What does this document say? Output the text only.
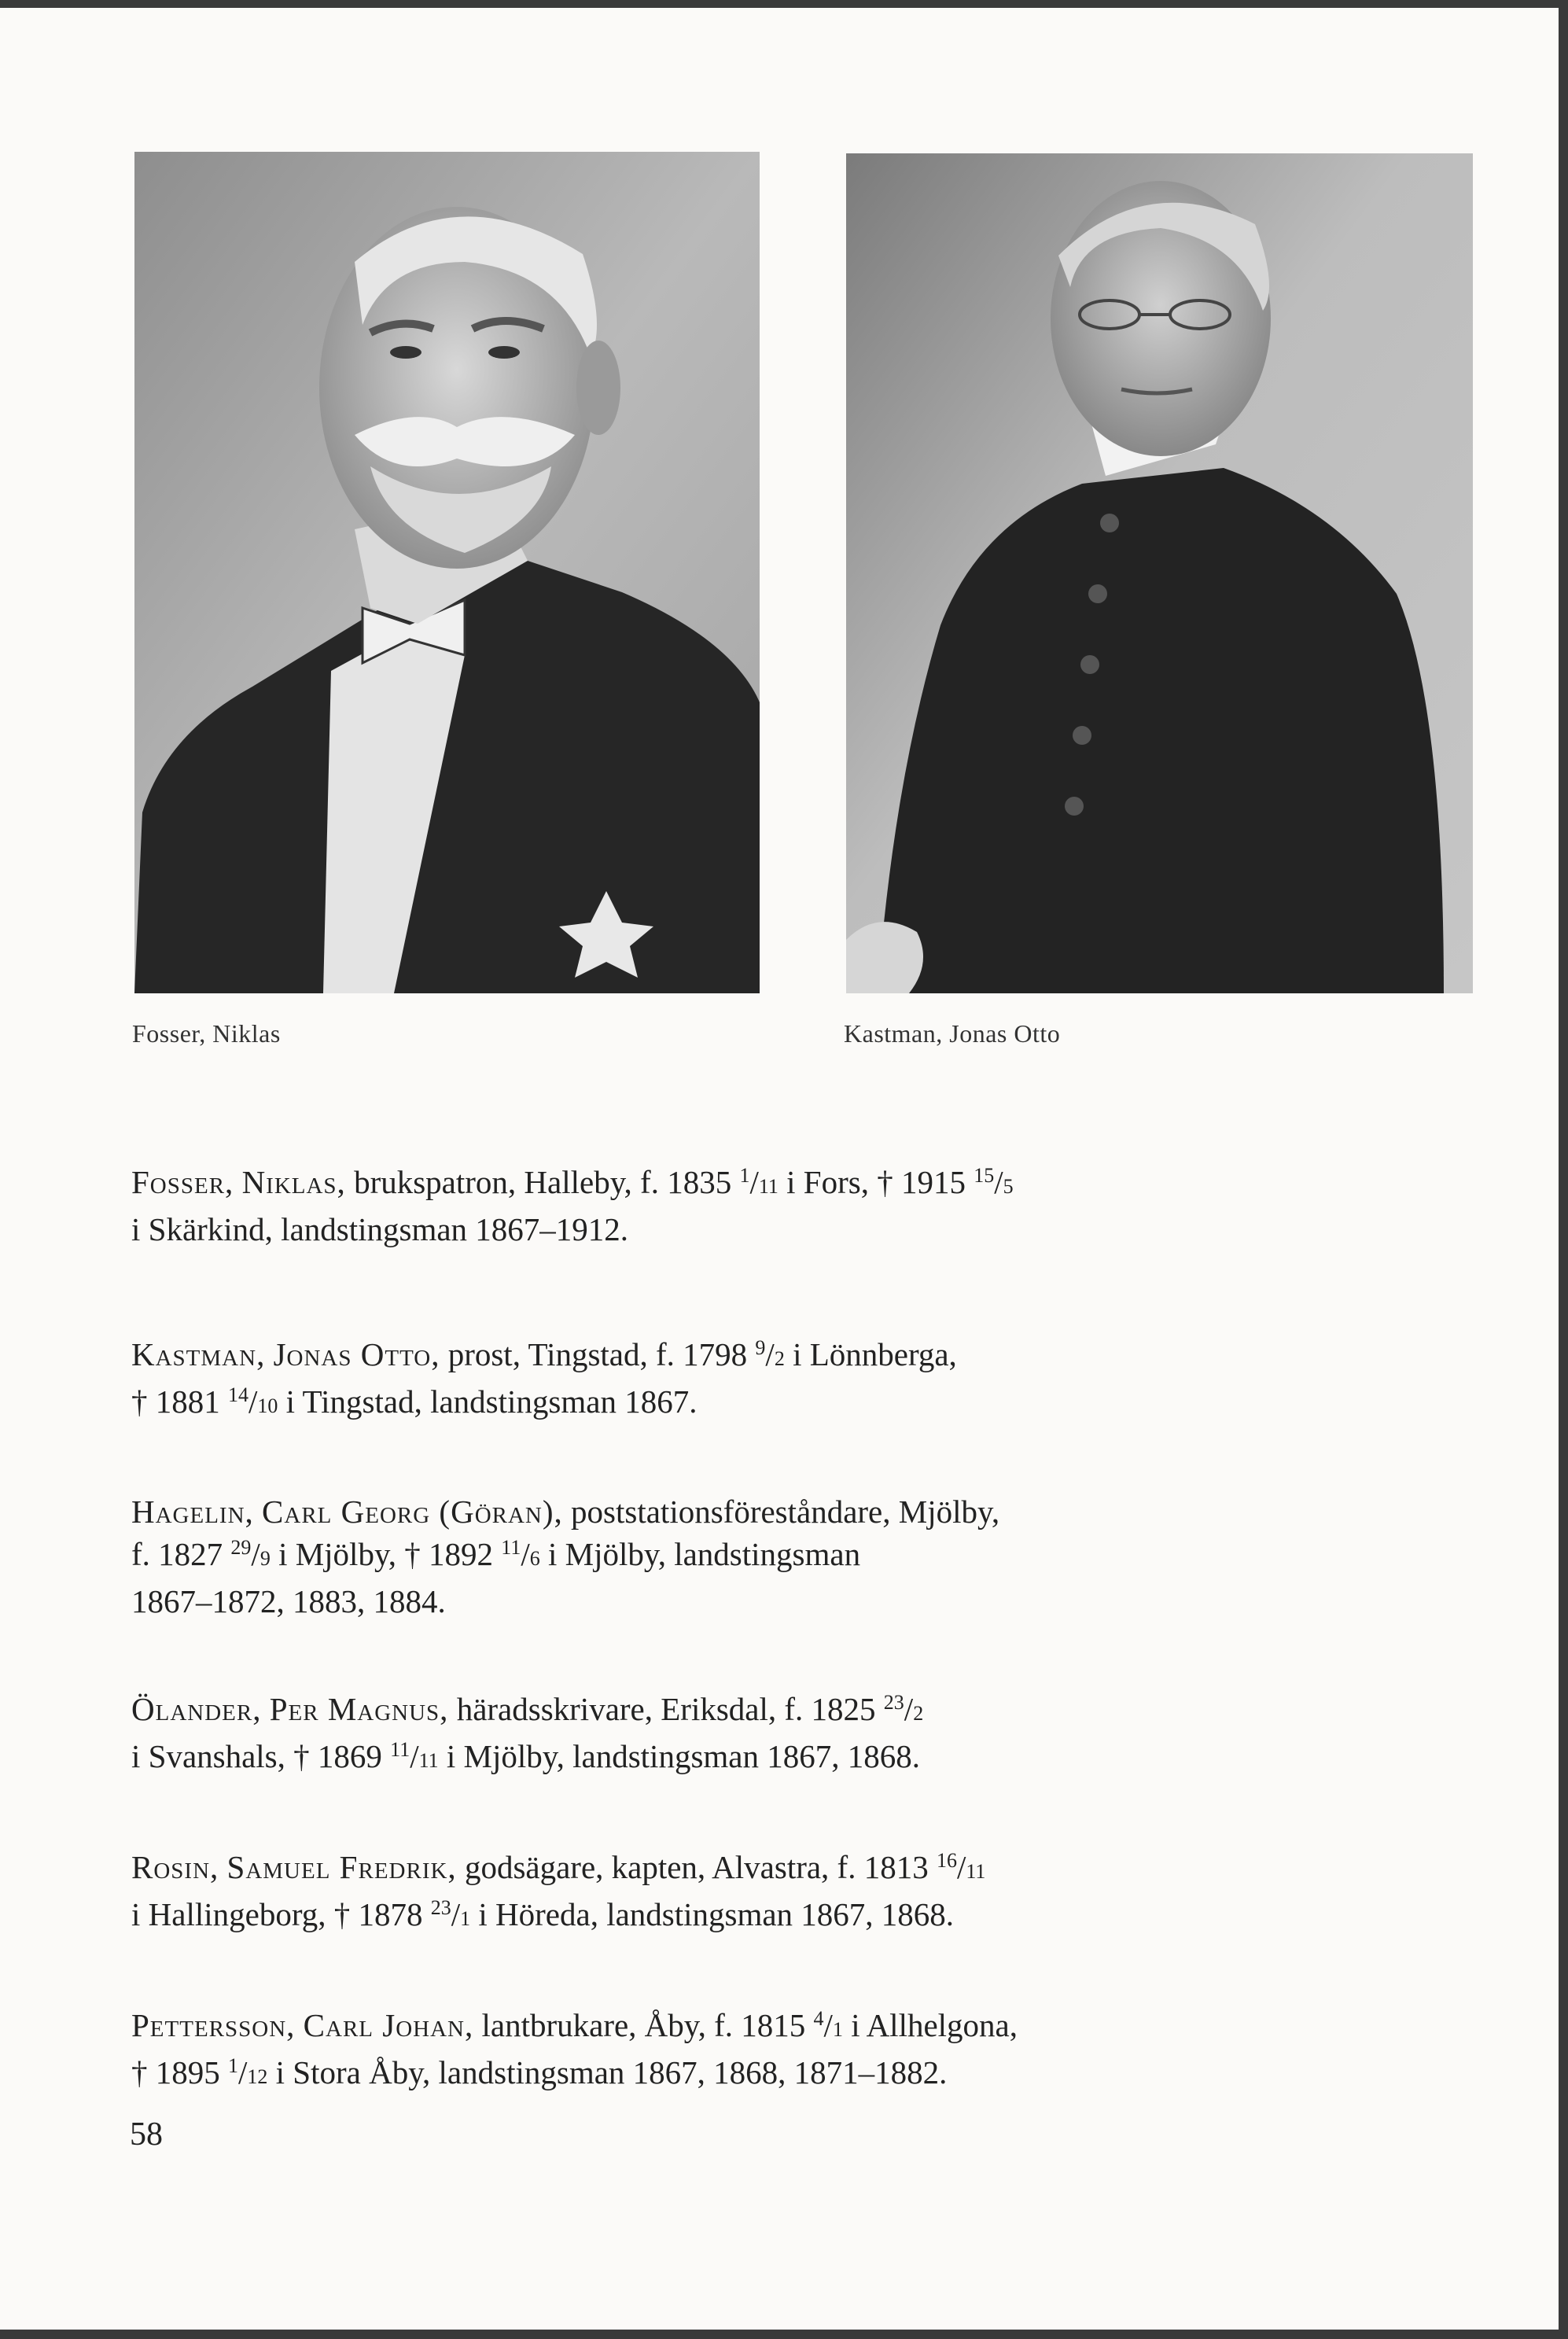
Fosser, Niklas	Kastman, Jonas Otto
Fosser, Niklas, brukspatron, Halleby, f. 1835 $^1$/11 i Fors, † 1915 $^{15}$/5
i Skärkind, landstingsman 1867–1912.
Kastman, Jonas Otto, prost, Tingstad, f. 1798 $^9$/2 i Lönnberga,
† 1881 $^{14}$/10 i Tingstad, landstingsman 1867.
Hagelin, Carl Georg (Göran), poststationsföreståndare, Mjölby,
f. 1827 $^{29}$/9 i Mjölby, † 1892 $^{11}$/6 i Mjölby, landstingsman
1867–1872, 1883, 1884.
Ölander, Per Magnus, häradsskrivare, Eriksdal, f. 1825 $^{23}$/2
i Svanshals, † 1869 $^{11}$/11 i Mjölby, landstingsman 1867, 1868.
Rosin, Samuel Fredrik, godsägare, kapten, Alvastra, f. 1813 $^{16}$/11
i Hallingeborg, † 1878 $^{23}$/1 i Höreda, landstingsman 1867, 1868.
Pettersson, Carl Johan, lantbrukare, Åby, f. 1815 $^4$/1 i Allhelgona,
† 1895 $^1$/12 i Stora Åby, landstingsman 1867, 1868, 1871–1882.
58
